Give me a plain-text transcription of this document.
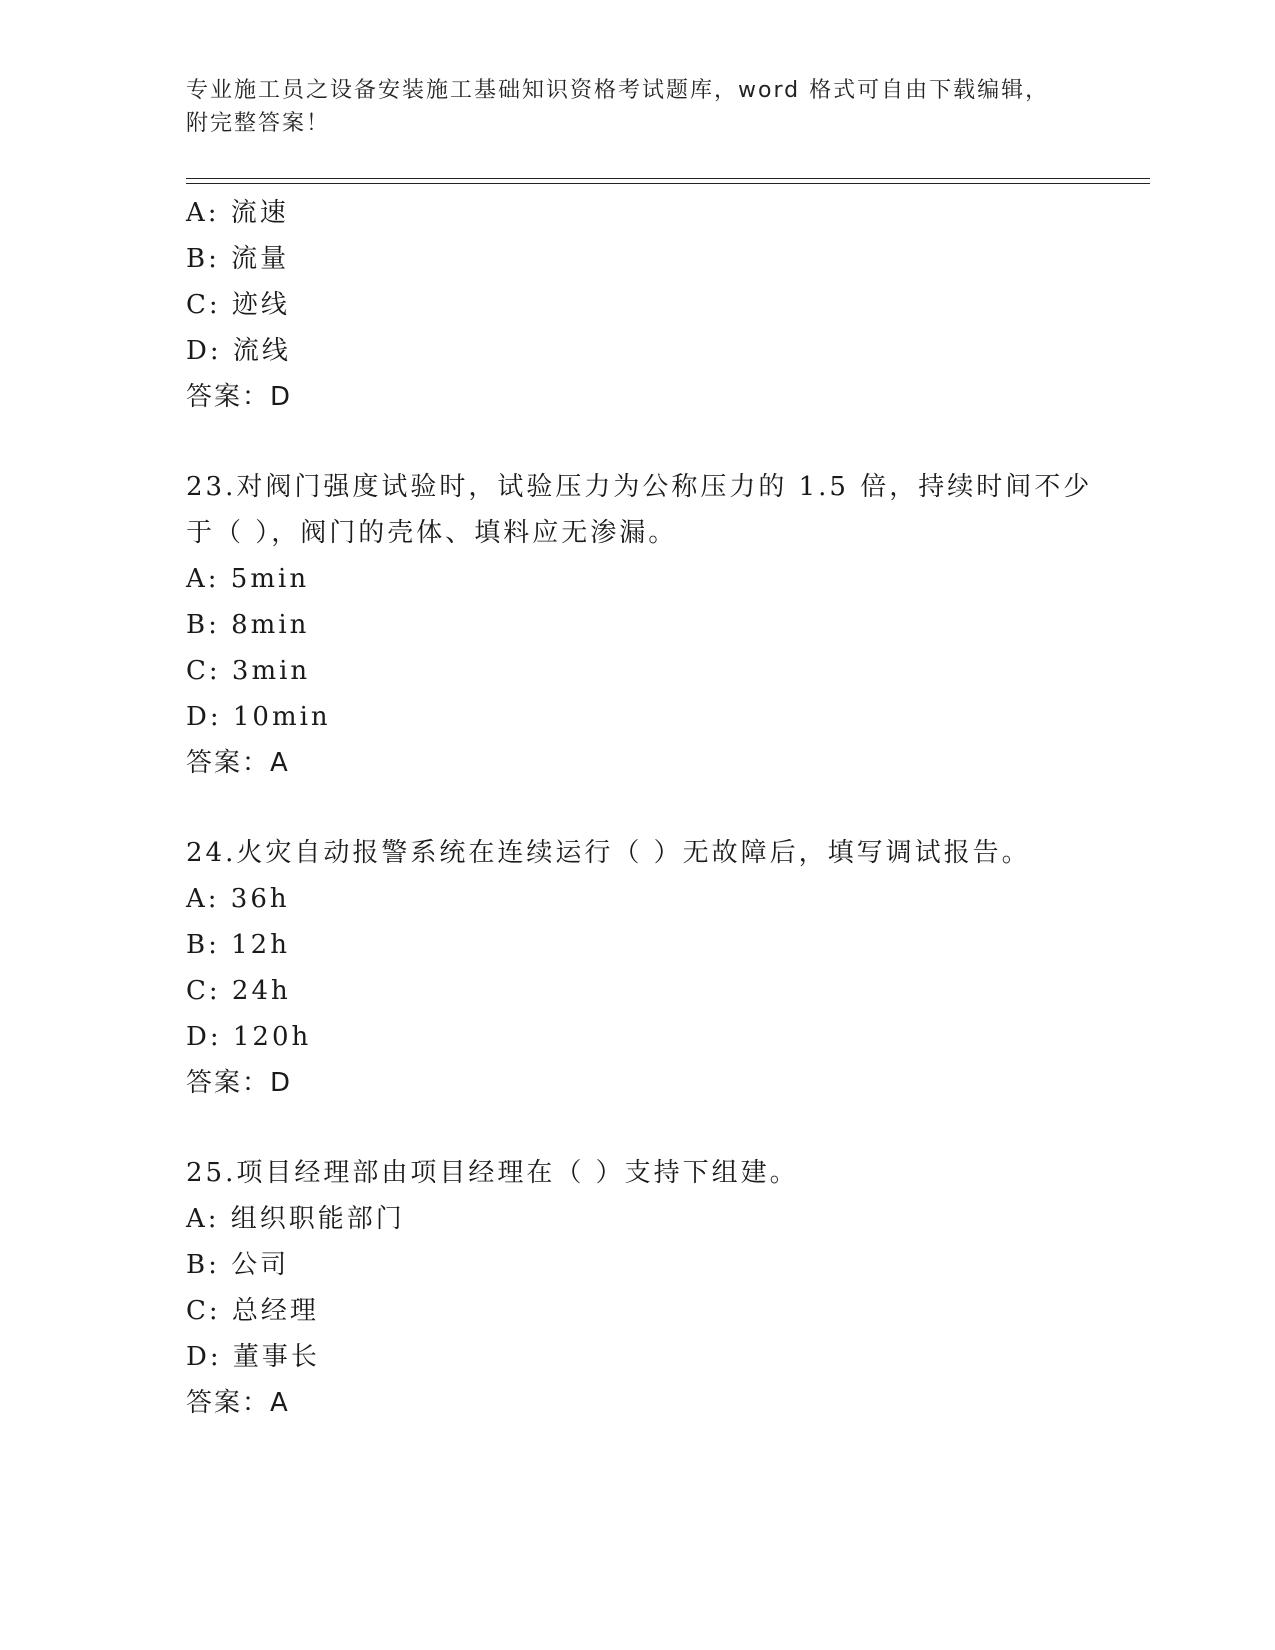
专业施工员之设备安装施工基础知识资格考试题库，word 格式可自由下载编辑，
附完整答案！
A: 流速
B: 流量
C: 迹线
D: 流线
答案：D
23.对阀门强度试验时，试验压力为公称压力的 1.5 倍，持续时间不少
于（ ），阀门的壳体、填料应无渗漏。
A: 5min
B: 8min
C: 3min
D: 10min
答案：A
24.火灾自动报警系统在连续运行（ ）无故障后，填写调试报告。
A: 36h
B: 12h
C: 24h
D: 120h
答案：D
25.项目经理部由项目经理在（ ）支持下组建。
A: 组织职能部门
B: 公司
C: 总经理
D: 董事长
答案：A
